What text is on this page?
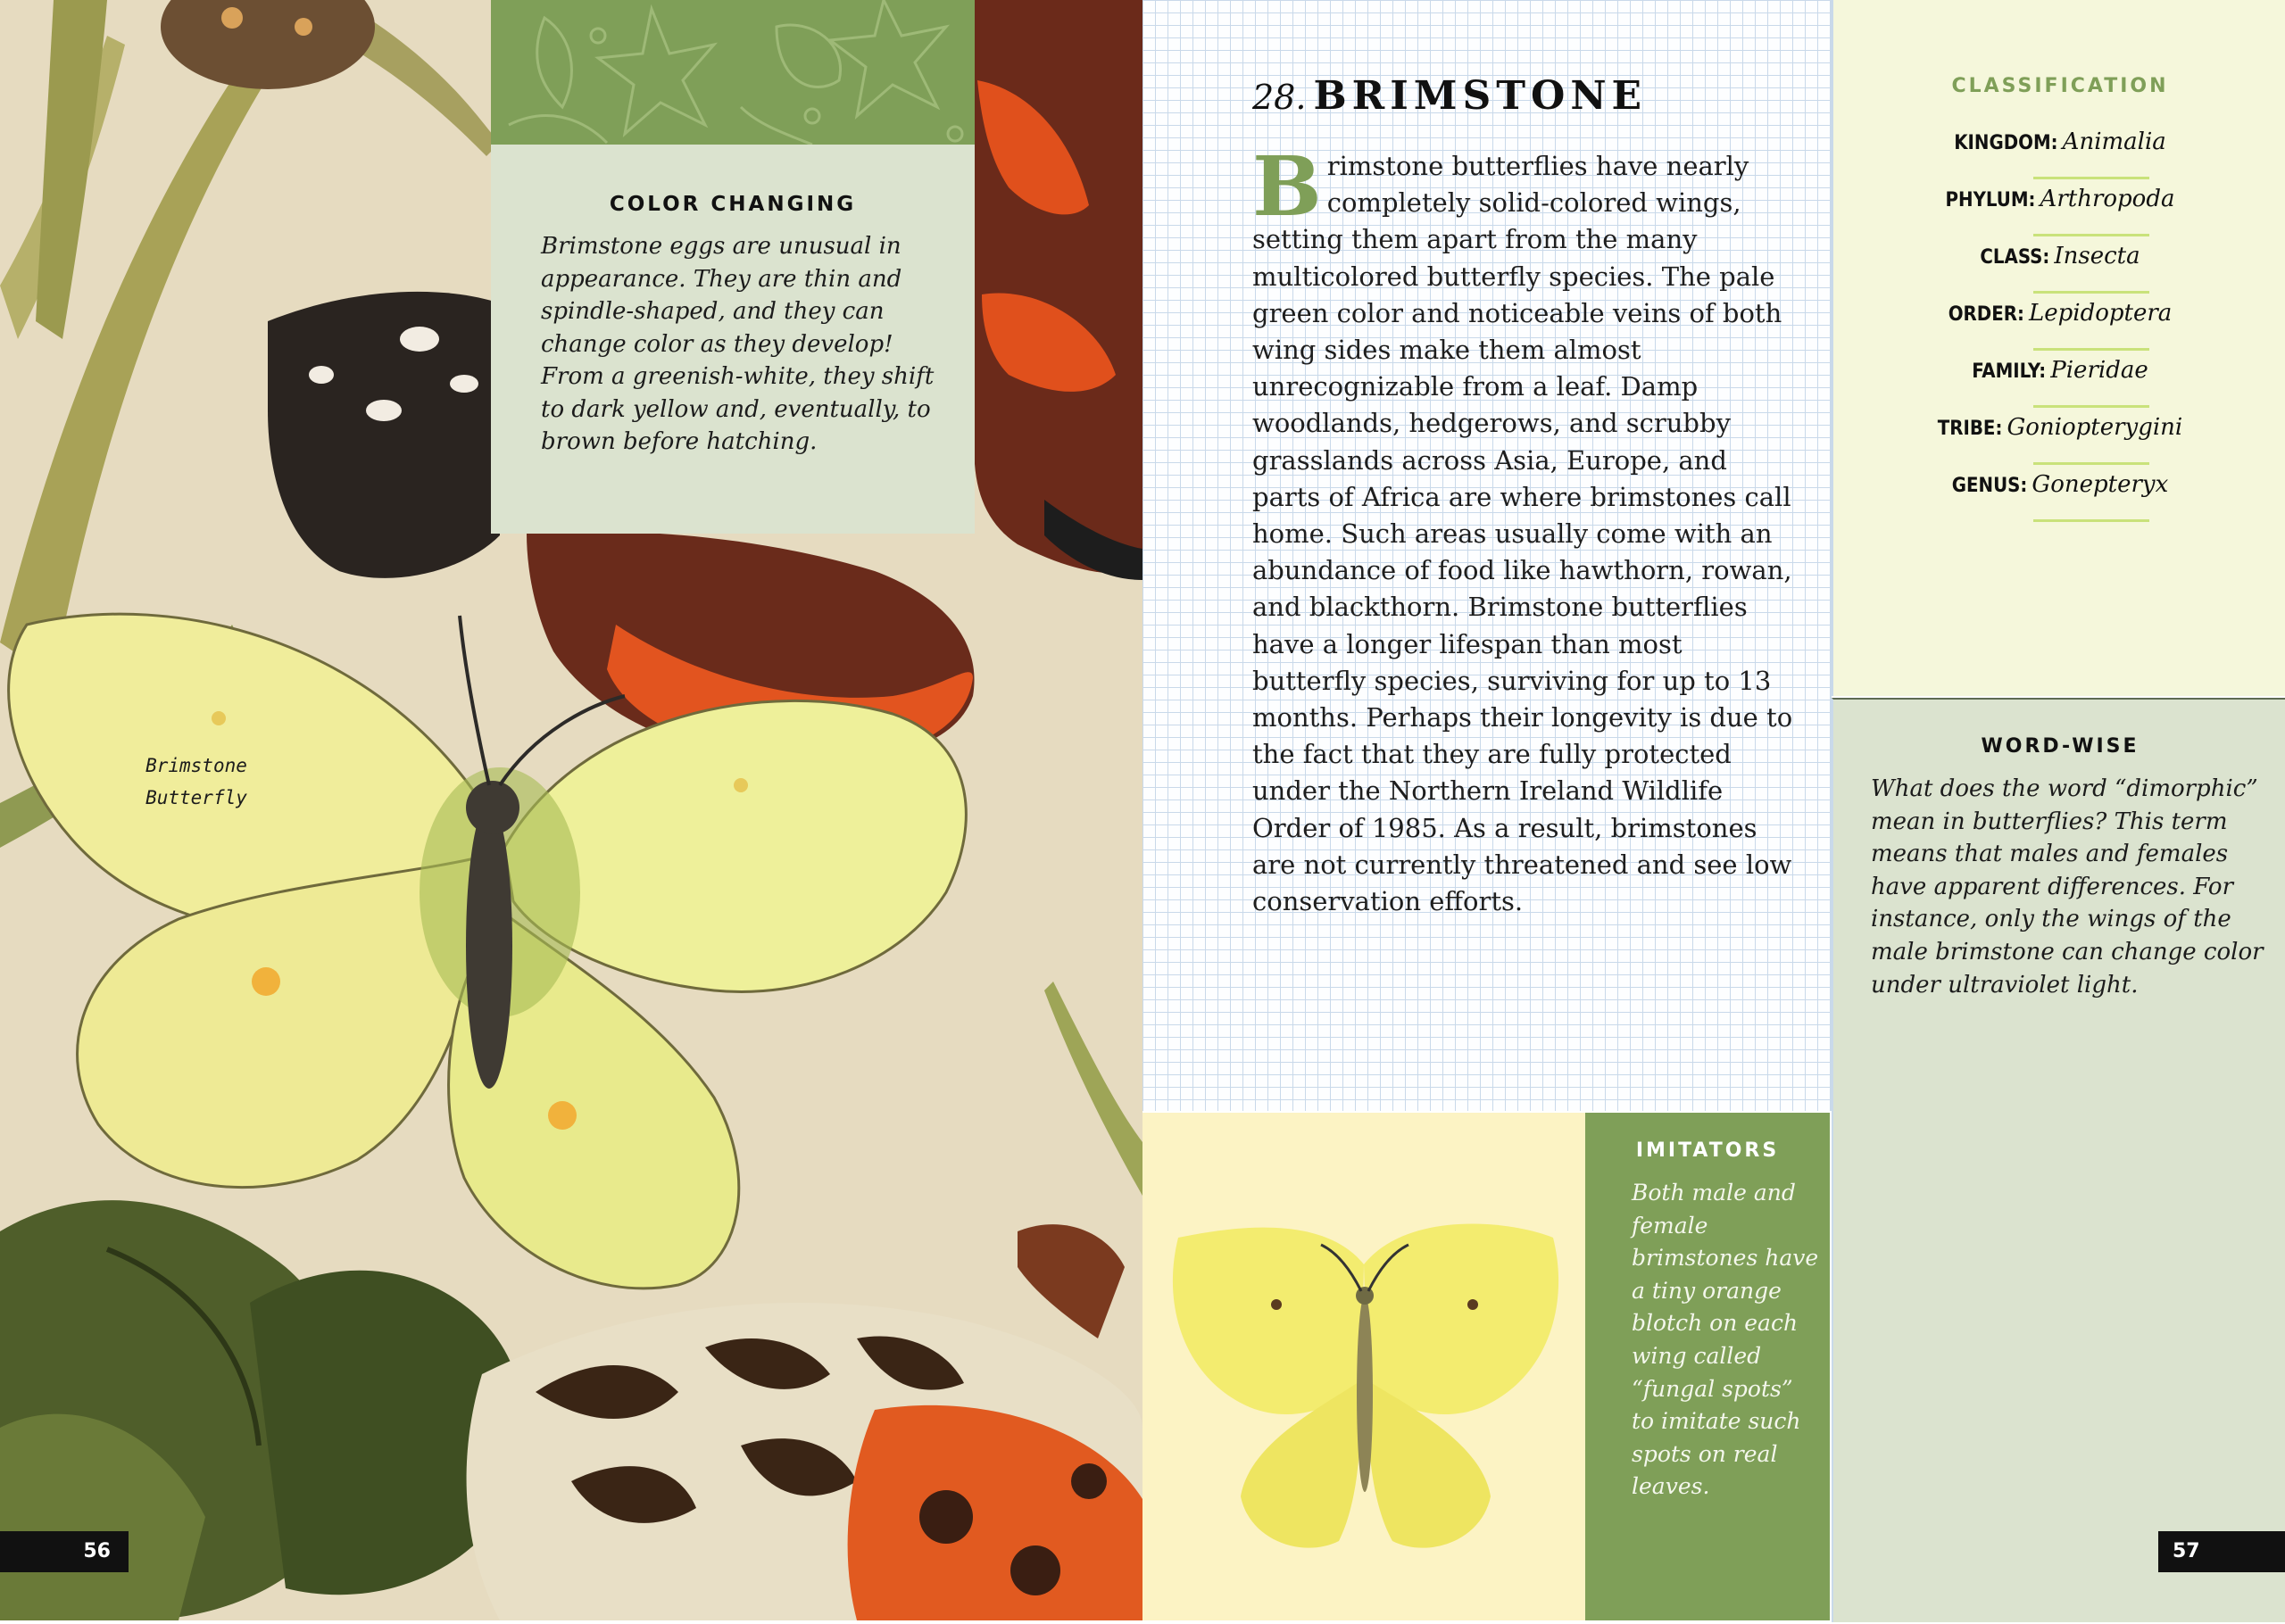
COLOR CHANGING
Brimstone eggs are unusual in appearance. They are thin and spindle-shaped, and they can change color as they develop! From a greenish-white, they shift to dark yellow and, eventually, to brown before hatching.
Brimstone Butterfly
56
28. BRIMSTONE
Brimstone butterflies have nearly completely solid-colored wings, setting them apart from the many multicolored butterfly species. The pale green color and noticeable veins of both wing sides make them almost unrecognizable from a leaf. Damp woodlands, hedgerows, and scrubby grasslands across Asia, Europe, and parts of Africa are where brimstones call home. Such areas usually come with an abundance of food like hawthorn, rowan, and blackthorn. Brimstone butterflies have a longer lifespan than most butterfly species, surviving for up to 13 months. Perhaps their longevity is due to the fact that they are fully protected under the Northern Ireland Wildlife Order of 1985. As a result, brimstones are not currently threatened and see low conservation efforts.
IMITATORS
Both male and female brimstones have a tiny orange blotch on each wing called “fungal spots” to imitate such spots on real leaves.
CLASSIFICATION
KINGDOM: Animalia
PHYLUM: Arthropoda
CLASS: Insecta
ORDER: Lepidoptera
FAMILY: Pieridae
TRIBE: Goniopterygini
GENUS: Gonepteryx
WORD-WISE
What does the word “dimorphic” mean in butterflies? This term means that males and females have apparent differences. For instance, only the wings of the male brimstone can change color under ultraviolet light.
57
